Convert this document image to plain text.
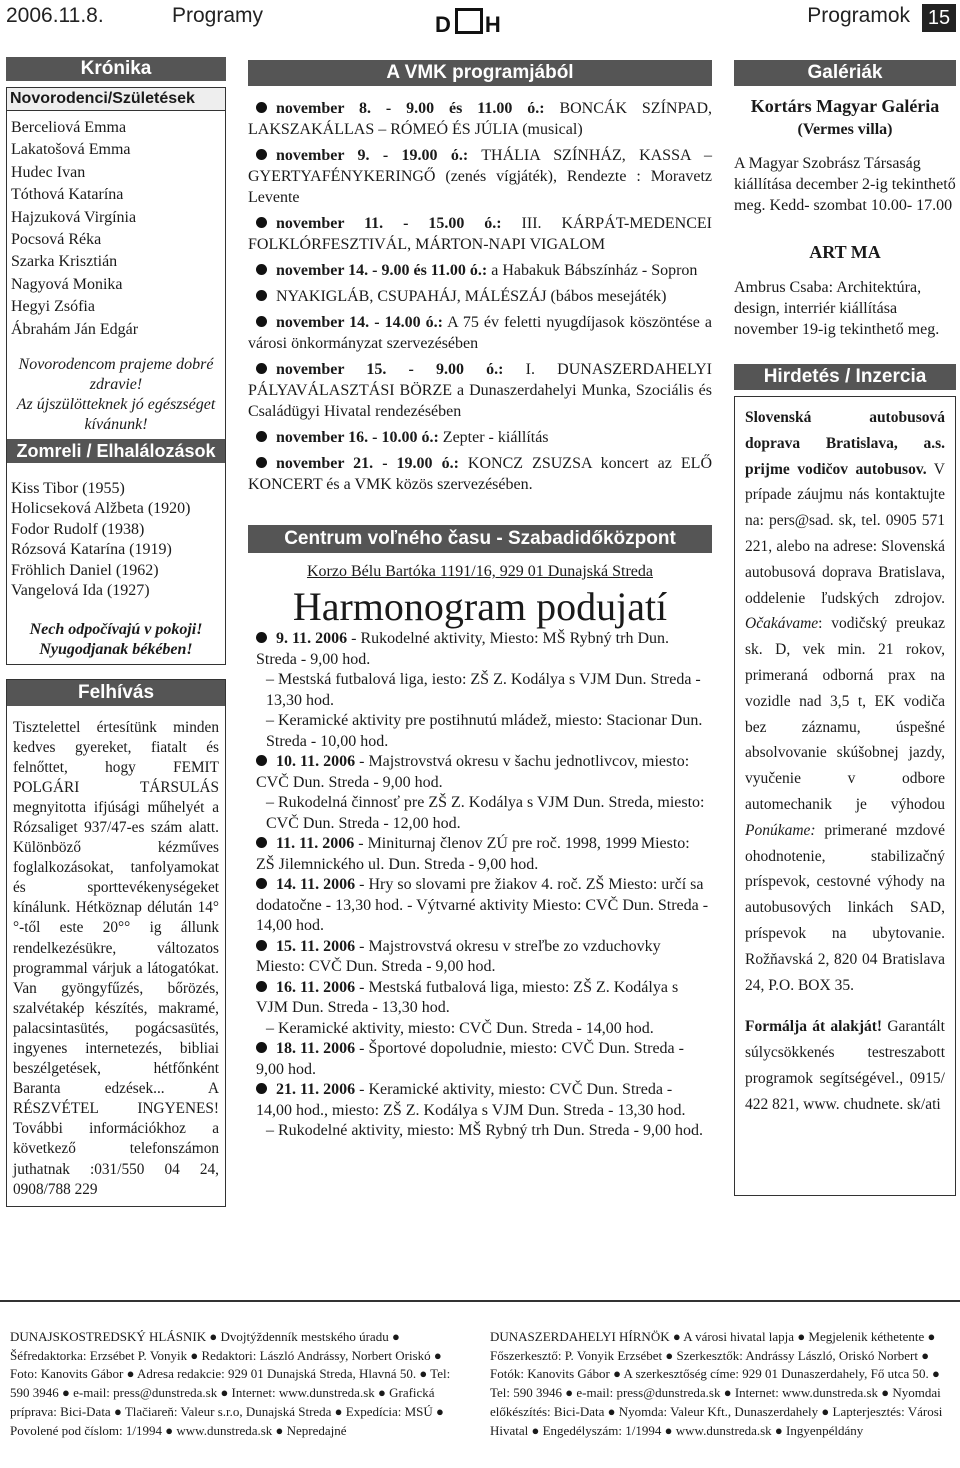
2006.11.8.	Programy	D H	Programok 15
Krónika
Novorodenci/Születések
Berceliová Emma
Lakatošová Emma
Hudec Ivan
Tóthová Katarína
Hajzuková Virgínia
Pocsová Réka
Szarka Krisztián
Nagyová Monika
Hegyi Zsófia
Ábrahám Ján Edgár
Novorodencom prajeme dobré zdravie!
Az újszülötteknek jó egészséget kívánunk!
Zomreli / Elhalálozások
Kiss Tibor (1955)
Holicseková Alžbeta (1920)
Fodor Rudolf (1938)
Rózsová Katarína (1919)
Fröhlich Daniel (1962)
Vangelová Ida (1927)
Nech odpočívajú v pokoji!
Nyugodjanak békében!
Felhívás
Tisztelettel értesítünk minden kedves gyereket, fiatalt és felnőttet, hogy FEMIT POLGÁRI TÁRSULÁS megnyitotta ifjúsági műhelyét a Rózsaliget 937/47-es szám alatt. Különböző kézműves foglalkozásokat, tanfolyamokat és sporttevékenységeket kínálunk. Hétköznap délután 14°°-től este 20°° ig állunk rendelkezésükre, változatos programmal várjuk a látogatókat. Van gyöngyfűzés, bőrözés, szalvétakép készítés, makramé, palacsintasütés, pogácsasütés, ingyenes internetezés, bibliai beszélgetések, hétfőnként Baranta edzések... A RÉSZVÉTEL INGYENES! További információkhoz a következő telefonszámon juthatnak :031/550 04 24, 0908/788 229
A VMK programjából
november 8. - 9.00 és 11.00 ó.: BONCÁK SZÍNPAD, LAKSZAKÁLLAS – RÓMEÓ ÉS JÚLIA (musical)
november 9. - 19.00 ó.: THÁLIA SZÍNHÁZ, KASSA – GYERTYAFÉNYKERINGŐ (zenés vígjáték), Rendezte : Moravetz Levente
november 11. - 15.00 ó.: III. KÁRPÁT-MEDENCEI FOLKLÓRFESZTIVÁL, MÁRTON-NAPI VIGALOM
november 14. - 9.00 és 11.00 ó.: a Habakuk Bábszínház - Sopron
NYAKIGLÁB, CSUPAHÁJ, MÁLÉSZÁJ (bábos mesejáték)
november 14. - 14.00 ó.: A 75 év feletti nyugdíjasok köszöntése a városi önkormányzat szervezésében
november 15. - 9.00 ó.: I. DUNASZERDAHELYI PÁLYAVÁLASZTÁSI BÖRZE a Dunaszerdahelyi Munka, Szociális és Családügyi Hivatal rendezésében
november 16. - 10.00 ó.: Zepter - kiállítás
november 21. - 19.00 ó.: KONCZ ZSUZSA koncert az ELŐ KONCERT és a VMK közös szervezésében.
Centrum voľného času - Szabadidőközpont
Korzo Bélu Bartóka 1191/16, 929 01 Dunajská Streda
Harmonogram podujatí
9. 11. 2006 - Rukodelné aktivity, Miesto: MŠ Rybný trh Dun. Streda - 9,00 hod.
– Mestská futbalová liga, iesto: ZŠ Z. Kodálya s VJM Dun. Streda - 13,30 hod.
– Keramické aktivity pre postihnutú mládež, miesto: Stacionar Dun. Streda - 10,00 hod.
10. 11. 2006 - Majstrovstvá okresu v šachu jednotlivcov, miesto: CVČ Dun. Streda - 9,00 hod.
– Rukodelná činnosť pre ZŠ Z. Kodálya s VJM Dun. Streda, miesto: CVČ Dun. Streda - 12,00 hod.
11. 11. 2006 - Miniturnaj členov ZÚ pre roč. 1998, 1999 Miesto: ZŠ Jilemnického ul. Dun. Streda - 9,00 hod.
14. 11. 2006 - Hry so slovami pre žiakov 4. roč. ZŠ Miesto: určí sa dodatočne - 13,30 hod. - Výtvarné aktivity Miesto: CVČ Dun. Streda - 14,00 hod.
15. 11. 2006 - Majstrovstvá okresu v streľbe zo vzduchovky Miesto: CVČ Dun. Streda - 9,00 hod.
16. 11. 2006 - Mestská futbalová liga, miesto: ZŠ Z. Kodálya s VJM Dun. Streda - 13,30 hod.
– Keramické aktivity, miesto: CVČ Dun. Streda - 14,00 hod.
18. 11. 2006 - Športové dopoludnie, miesto: CVČ Dun. Streda - 9,00 hod.
21. 11. 2006 - Keramické aktivity, miesto: CVČ Dun. Streda - 14,00 hod., miesto: ZŠ Z. Kodálya s VJM Dun. Streda - 13,30 hod.
– Rukodelné aktivity, miesto: MŠ Rybný trh Dun. Streda - 9,00 hod.
Galériák
Kortárs Magyar Galéria
(Vermes villa)
A Magyar Szobrász Társaság kiállítása december 2-ig tekinthető meg. Kedd- szombat 10.00- 17.00
ART MA
Ambrus Csaba: Architektúra, design, interriér kiállítása november 19-ig tekinthető meg.
Hirdetés / Inzercia
Slovenská autobusová doprava Bratislava, a.s. prijme vodičov autobusov. V prípade záujmu nás kontaktujte na: pers@sad. sk, tel. 0905 571 221, alebo na adrese: Slovenská autobusová doprava Bratislava, oddelenie ľudských zdrojov. Očakávame: vodičský preukaz sk. D, vek min. 21 rokov, primeraná odborná prax na vozidle nad 3,5 t, EK vodiča bez záznamu, úspešné absolvovanie skúšobnej jazdy, vyučenie v odbore automechanik je výhodou Ponúkame: primerané mzdové ohodnotenie, stabilizačný príspevok, cestovné výhody na autobusových linkách SAD, príspevok na ubytovanie. Rožňavská 2, 820 04 Bratislava 24, P.O. BOX 35.
Formálja át alakját! Garantált súlycsökkenés testreszabott programok segítségével., 0915/ 422 821, www. chudnete. sk/ati
DUNAJSKOSTREDSKÝ HLÁSNIK ● Dvojtýždenník mestského úradu ● Šéfredaktorka: Erzsébet P. Vonyik ● Redaktori: László Andrássy, Norbert Oriskó ● Foto: Kanovits Gábor ● Adresa redakcie: 929 01 Dunajská Streda, Hlavná 50. ● Tel: 590 3946 ● e-mail: press@dunstreda.sk ● Internet: www.dunstreda.sk ● Grafická príprava: Bici-Data ● Tlačiareň: Valeur s.r.o, Dunajská Streda ● Expedícia: MSÚ ● Povolené pod číslom: 1/1994 ● www.dunstreda.sk ● Nepredajné
DUNASZERDAHELYI HÍRNÖK ● A városi hivatal lapja ● Megjelenik kéthetente ● Főszerkesztő: P. Vonyik Erzsébet ● Szerkesztők: Andrássy László, Oriskó Norbert ● Fotók: Kanovits Gábor ● A szerkesztőség címe: 929 01 Dunaszerdahely, Fő utca 50. ● Tel: 590 3946 ● e-mail: press@dunstreda.sk ● Internet: www.dunstreda.sk ● Nyomdai előkészítés: Bici-Data ● Nyomda: Valeur Kft., Dunaszerdahely ● Lapterjesztés: Városi Hivatal ● Engedélyszám: 1/1994 ● www.dunstreda.sk ● Ingyenpéldány
